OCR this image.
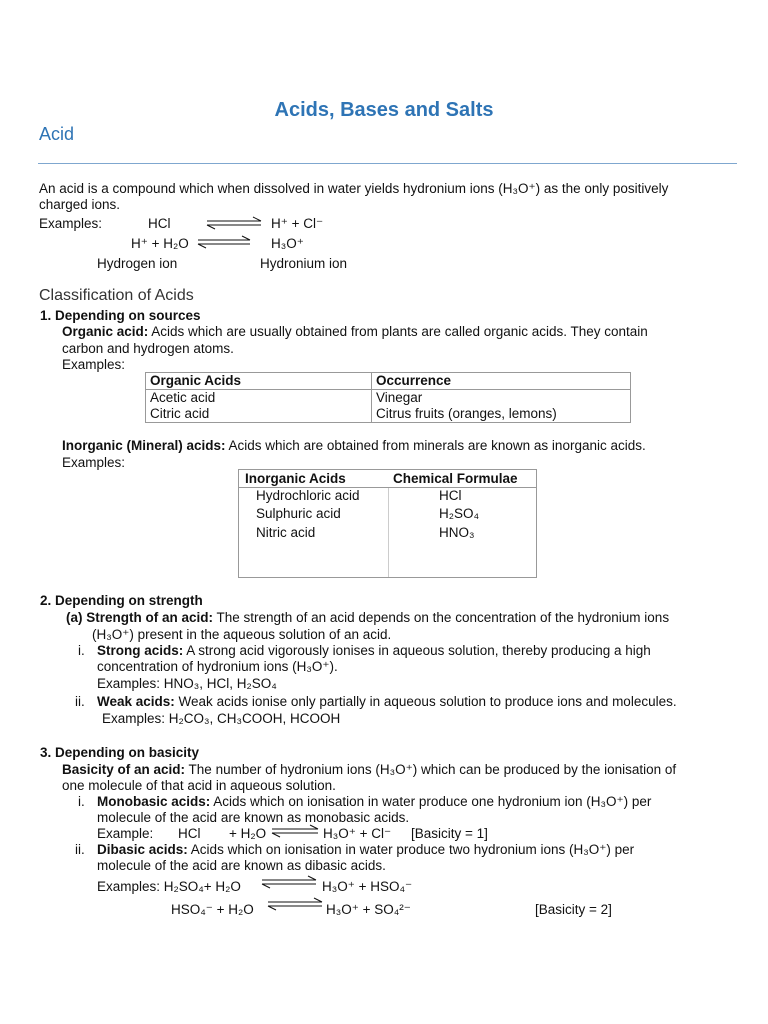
Acids, Bases and Salts
Acid
An acid is a compound which when dissolved in water yields hydronium ions (H₃O⁺) as the only positively
charged ions.
Examples:	HCl	H⁺ + Cl⁻
H⁺ + H₂O	H₃O⁺
Hydrogen ion	Hydronium ion
Classification of Acids
1. Depending on sources
Organic acid: Acids which are usually obtained from plants are called organic acids. They contain
carbon and hydrogen atoms.
Examples:
Organic Acids	Occurrence
Acetic acid	Vinegar
Citric acid	Citrus fruits (oranges, lemons)
Inorganic (Mineral) acids: Acids which are obtained from minerals are known as inorganic acids.
Examples:
Inorganic Acids	Chemical Formulae
Hydrochloric acid	HCl
Sulphuric acid	H₂SO₄
Nitric acid	HNO₃
2. Depending on strength
(a) Strength of an acid: The strength of an acid depends on the concentration of the hydronium ions
(H₃O⁺) present in the aqueous solution of an acid.
i. Strong acids: A strong acid vigorously ionises in aqueous solution, thereby producing a high
concentration of hydronium ions (H₃O⁺).
Examples: HNO₃, HCl, H₂SO₄
ii. Weak acids: Weak acids ionise only partially in aqueous solution to produce ions and molecules.
Examples: H₂CO₃, CH₃COOH, HCOOH
3. Depending on basicity
Basicity of an acid: The number of hydronium ions (H₃O⁺) which can be produced by the ionisation of
one molecule of that acid in aqueous solution.
i. Monobasic acids: Acids which on ionisation in water produce one hydronium ion (H₃O⁺) per
molecule of the acid are known as monobasic acids.
Example: HCl + H₂O ⇌ H₃O⁺ + Cl⁻ [Basicity = 1]
ii. Dibasic acids: Acids which on ionisation in water produce two hydronium ions (H₃O⁺) per
molecule of the acid are known as dibasic acids.
Examples: H₂SO₄+ H₂O	H₃O⁺ + HSO₄⁻
HSO₄⁻ + H₂O	H₃O⁺ + SO₄²⁻	[Basicity = 2]
